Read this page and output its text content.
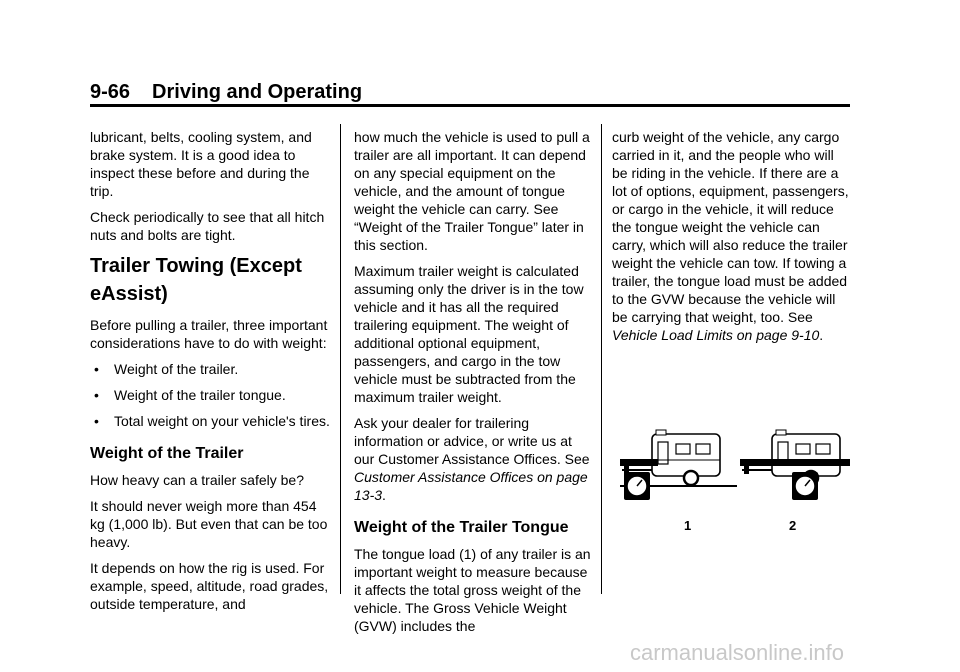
9-66 Driving and Operating

lubricant, belts, cooling system, and brake system. It is a good idea to inspect these before and during the trip.

Check periodically to see that all hitch nuts and bolts are tight.

Trailer Towing (Except eAssist)

Before pulling a trailer, three important considerations have to do with weight:

• Weight of the trailer.
• Weight of the trailer tongue.
• Total weight on your vehicle's tires.
Weight of the Trailer

How heavy can a trailer safely be?

It should never weigh more than 454 kg (1,000 lb). But even that can be too heavy.

It depends on how the rig is used. For example, speed, altitude, road grades, outside temperature, and

how much the vehicle is used to pull a trailer are all important. It can depend on any special equipment on the vehicle, and the amount of tongue weight the vehicle can carry. See “Weight of the Trailer Tongue” later in this section.

Maximum trailer weight is calculated assuming only the driver is in the tow vehicle and it has all the required trailering equipment. The weight of additional optional equipment, passengers, and cargo in the tow vehicle must be subtracted from the maximum trailer weight.

Ask your dealer for trailering information or advice, or write us at our Customer Assistance Offices. See Customer Assistance Offices on page 13-3.

Weight of the Trailer Tongue

The tongue load (1) of any trailer is an important weight to measure because it affects the total gross weight of the vehicle. The Gross Vehicle Weight (GVW) includes the

curb weight of the vehicle, any cargo carried in it, and the people who will be riding in the vehicle. If there are a lot of options, equipment, passengers, or cargo in the vehicle, it will reduce the tongue weight the vehicle can carry, which will also reduce the trailer weight the vehicle can tow. If towing a trailer, the tongue load must be added to the GVW because the vehicle will be carrying that weight, too. See Vehicle Load Limits on page 9-10.

1	2
carmanualsonline.info
